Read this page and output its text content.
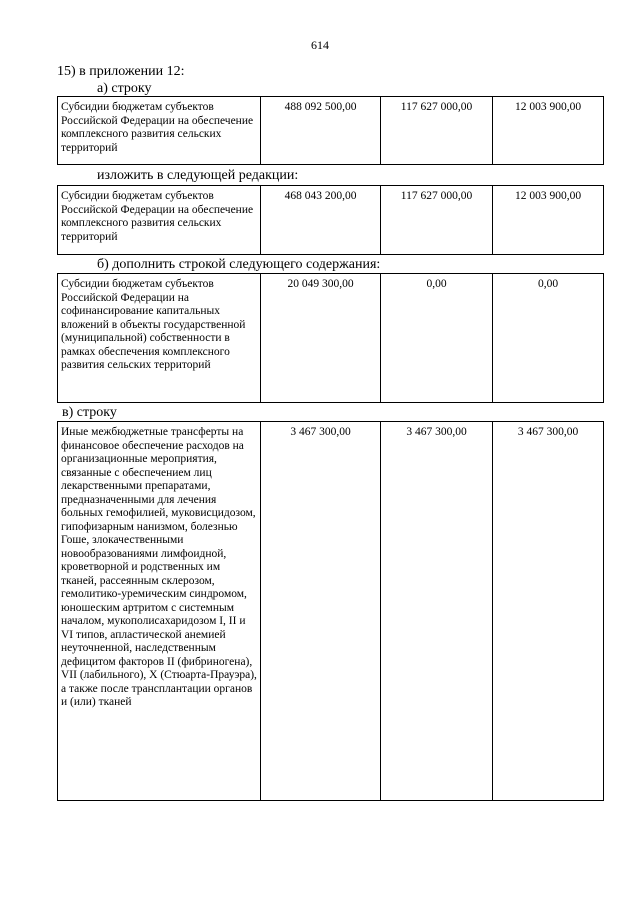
614
15) в приложении 12:
а) строку
Субсидии бюджетам субъектов Российской Федерации на обеспечение комплексного развития сельских территорий	488 092 500,00	117 627 000,00	12 003 900,00
изложить в следующей редакции:
Субсидии бюджетам субъектов Российской Федерации на обеспечение комплексного развития сельских территорий	468 043 200,00	117 627 000,00	12 003 900,00
б) дополнить строкой следующего содержания:
Субсидии бюджетам субъектов Российской Федерации на софинансирование капитальных вложений в объекты государственной (муниципальной) собственности в рамках обеспечения комплексного развития сельских территорий	20 049 300,00	0,00	0,00
в) строку
Иные межбюджетные трансферты на финансовое обеспечение расходов на организационные мероприятия, связанные с обеспечением лиц лекарственными препаратами, предназначенными для лечения больных гемофилией, муковисцидозом, гипофизарным нанизмом, болезнью Гоше, злокачественными новообразованиями лимфоидной, кроветворной и родственных им тканей, рассеянным склерозом, гемолитико-уремическим синдромом, юношеским артритом с системным началом, мукополисахаридозом I, II и VI типов, апластической анемией неуточненной, наследственным дефицитом факторов II (фибриногена), VII (лабильного), X (Стюарта-Прауэра), а также после трансплантации органов и (или) тканей	3 467 300,00	3 467 300,00	3 467 300,00
